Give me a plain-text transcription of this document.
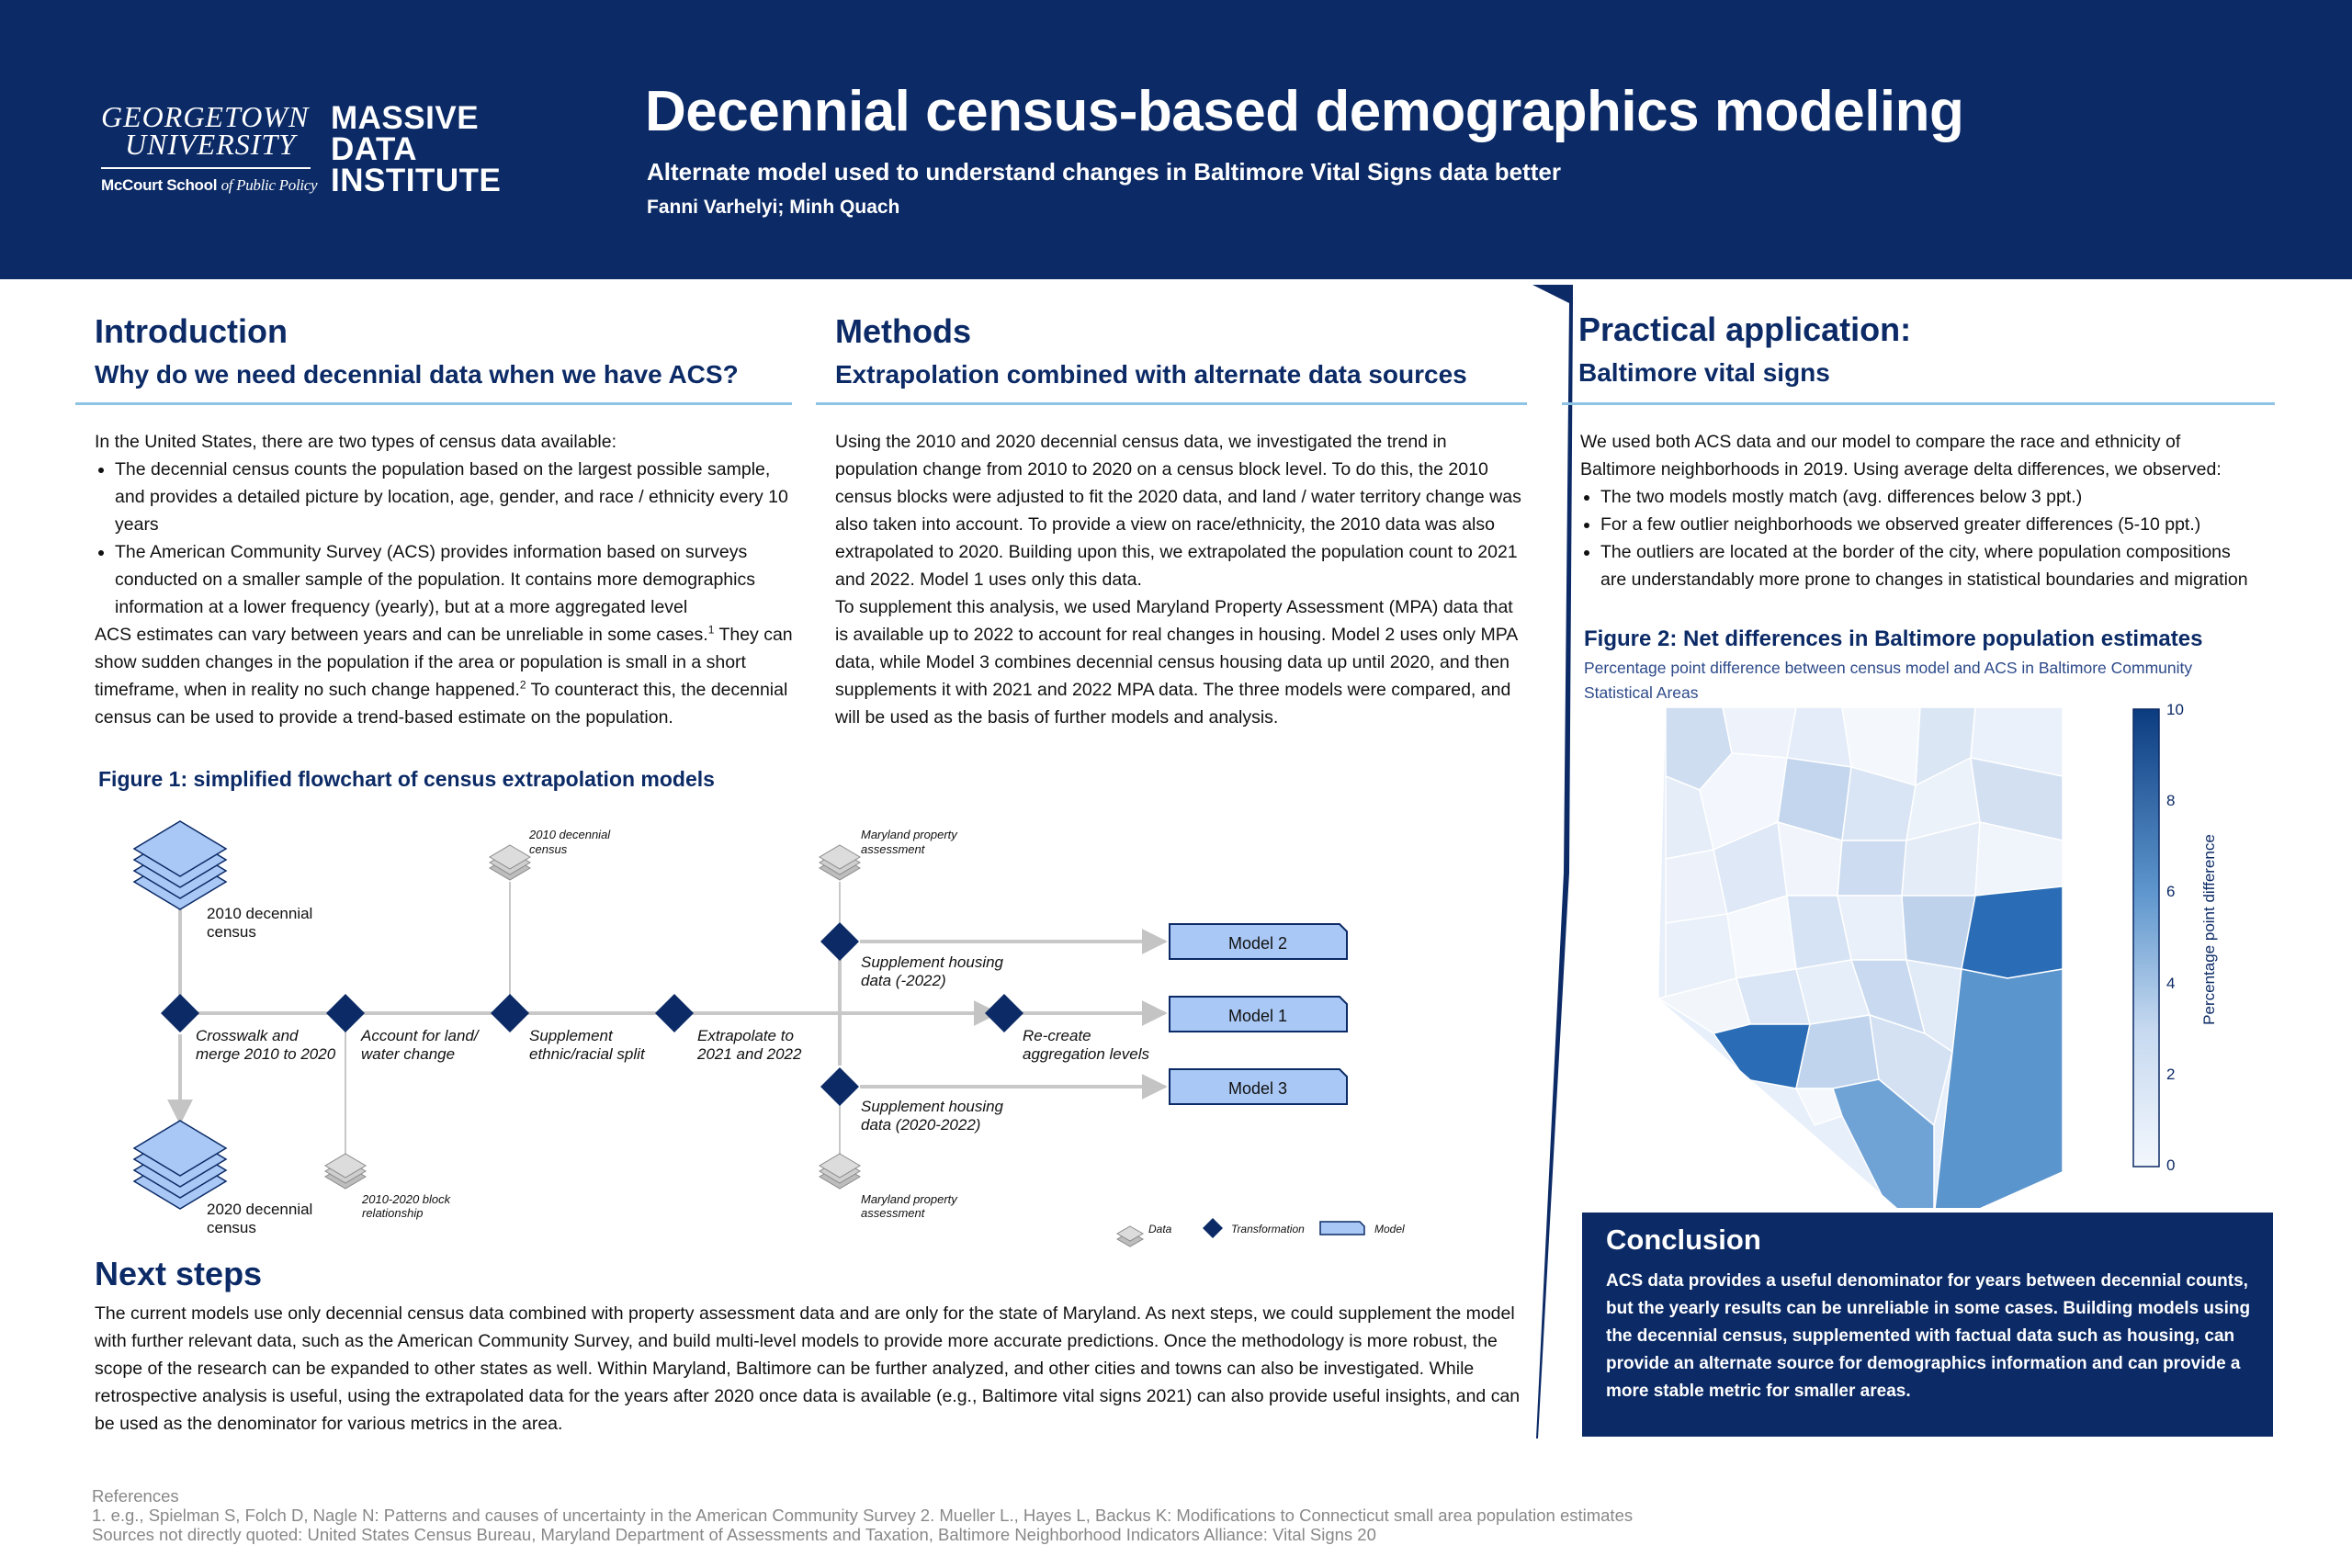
GEORGETOWN
UNIVERSITY
McCourt School of Public Policy
MASSIVE
DATA
INSTITUTE
Decennial census-based demographics modeling
Alternate model used to understand changes in Baltimore Vital Signs data better
Fanni Varhelyi; Minh Quach
Introduction
Why do we need decennial data when we have ACS?

In the United States, there are two types of census data available:

• The decennial census counts the population based on the largest possible sample, and provides a detailed picture by location, age, gender, and race / ethnicity every 10 years
• The American Community Survey (ACS) provides information based on surveys conducted on a smaller sample of the population. It contains more demographics information at a lower frequency (yearly), but at a more aggregated level

ACS estimates can vary between years and can be unreliable in some cases.$^1$ They can show sudden changes in the population if the area or population is small in a short timeframe, when in reality no such change happened.$^2$ To counteract this, the decennial census can be used to provide a trend-based estimate on the population.

Methods
Extrapolation combined with alternate data sources

Using the 2010 and 2020 decennial census data, we investigated the trend in population change from 2010 to 2020 on a census block level. To do this, the 2010 census blocks were adjusted to fit the 2020 data, and land / water territory change was also taken into account. To provide a view on race/ethnicity, the 2010 data was also extrapolated to 2020. Building upon this, we extrapolated the population count to 2021 and 2022. Model 1 uses only this data.

To supplement this analysis, we used Maryland Property Assessment (MPA) data that is available up to 2022 to account for real changes in housing. Model 2 uses only MPA data, while Model 3 combines decennial census housing data up until 2020, and then supplements it with 2021 and 2022 MPA data. The three models were compared, and will be used as the basis of further models and analysis.

Figure 1: simplified flowchart of census extrapolation models
Model 2
Model 1
Model 3
2010 decennial
census
2020 decennial
census
Crosswalk and
merge 2010 to 2020
Account for land/
water change
Supplement
ethnic/racial split
Extrapolate to
2021 and 2022
Re-create
aggregation levels
Supplement housing
data (-2022)
Supplement housing
data (2020-2022)
2010 decennial
census
Maryland property
assessment
2010-2020 block
relationship
Maryland property
assessment
Data	Transformation	Model
Next steps

The current models use only decennial census data combined with property assessment data and are only for the state of Maryland. As next steps, we could supplement the model with further relevant data, such as the American Community Survey, and build multi-level models to provide more accurate predictions. Once the methodology is more robust, the scope of the research can be expanded to other states as well. Within Maryland, Baltimore can be further analyzed, and other cities and towns can also be investigated. While retrospective analysis is useful, using the extrapolated data for the years after 2020 once data is available (e.g., Baltimore vital signs 2021) can also provide useful insights, and can be used as the denominator for various metrics in the area.

Practical application:
Baltimore vital signs

We used both ACS data and our model to compare the race and ethnicity of Baltimore neighborhoods in 2019. Using average delta differences, we observed:

• The two models mostly match (avg. differences below 3 ppt.)
• For a few outlier neighborhoods we observed greater differences (5-10 ppt.)
• The outliers are located at the border of the city, where population compositions are understandably more prone to changes in statistical boundaries and migration
Figure 2: Net differences in Baltimore population estimates
Percentage point difference between census model and ACS in Baltimore Community Statistical Areas
10
8
6
4
2
0
Percentage point difference
Conclusion
ACS data provides a useful denominator for years between decennial counts, but the yearly results can be unreliable in some cases. Building models using the decennial census, supplemented with factual data such as housing, can provide an alternate source for demographics information and can provide a more stable metric for smaller areas.
References
1. e.g., Spielman S, Folch D, Nagle N: Patterns and causes of uncertainty in the American Community Survey 2. Mueller L., Hayes L, Backus K: Modifications to Connecticut small area population estimates
Sources not directly quoted: United States Census Bureau, Maryland Department of Assessments and Taxation, Baltimore Neighborhood Indicators Alliance: Vital Signs 20
